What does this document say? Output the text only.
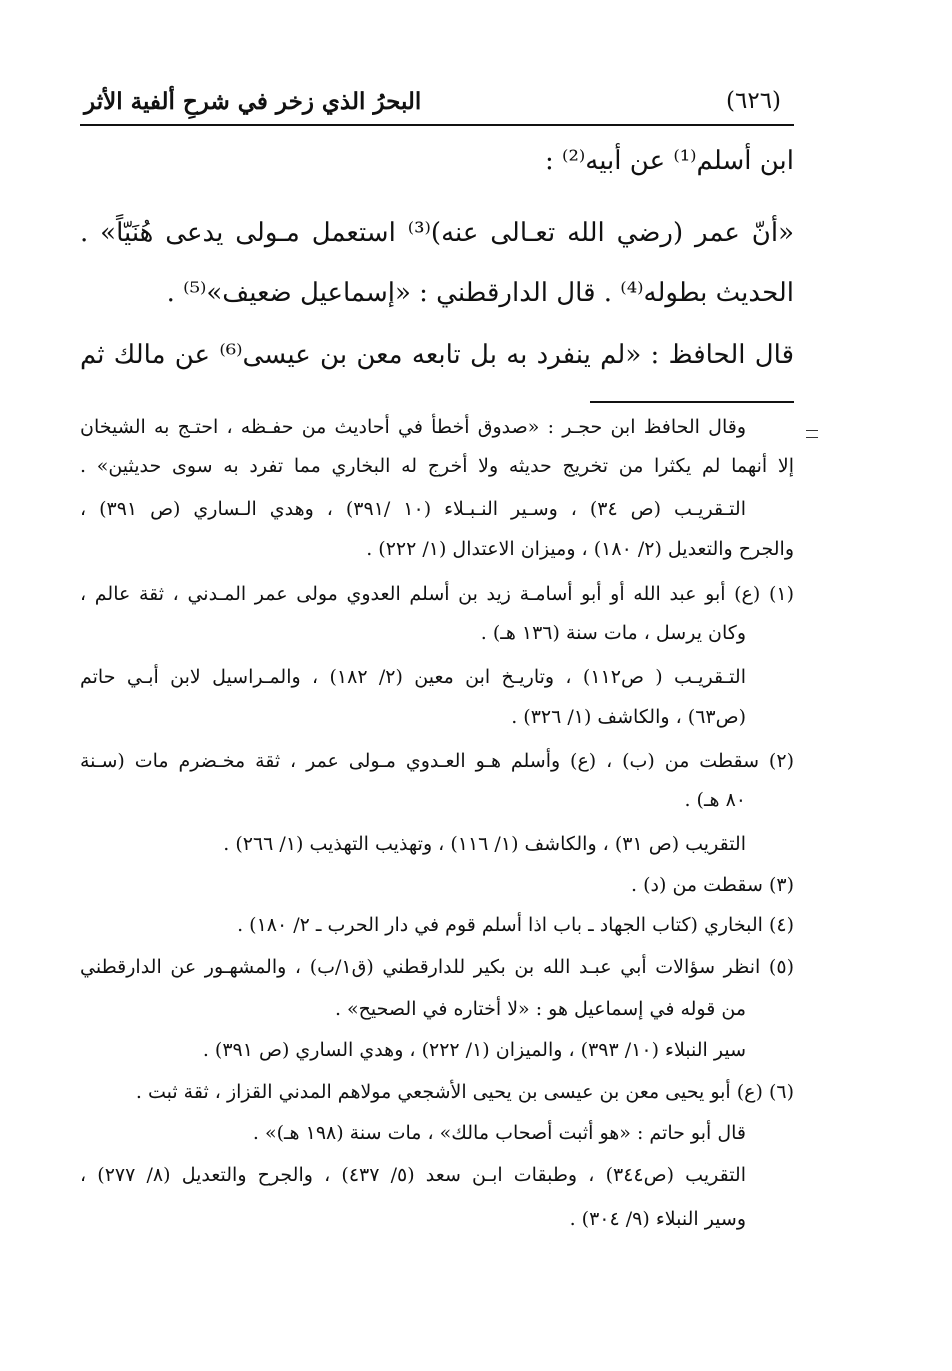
البحرُ الذي زخر في شرحِ ألفية الأثر	(٦٢٦)
ابن أسلم⁽¹⁾ عن أبيه⁽²⁾ :
«أنّ عمر (رضي الله تعـالى عنه)⁽³⁾ استعمل مـولى يدعى هُنَيّاً» .
الحديث بطوله⁽⁴⁾ . قال الدارقطني : «إسماعيل ضعيف»⁽⁵⁾ .
قال الحافظ : «لم ينفرد به بل تابعه معن بن عيسى⁽⁶⁾ عن مالك ثم
وقال الحافظ ابن حجـر : «صدوق أخطأ في أحاديث من حفـظه ، احتـج به الشيخان
إلا أنهما لم يكثرا من تخريج حديثه ولا أخرج له البخاري مما تفرد به سوى حديثين» .
التـقريـب (ص ٣٤) ، وسـير النـبـلاء (١٠ /٣٩١) ، وهدي الـساري (ص ٣٩١) ،
والجرح والتعديل (٢/ ١٨٠) ، وميزان الاعتدال (١/ ٢٢٢) .
(١) (ع) أبو عبد الله أو أبو أسامـة زيد بن أسلم العدوي مولى عمر المـدني ، ثقة عالم ،
وكان يرسل ، مات سنة (١٣٦ هـ) .
التـقريـب ( ص١١٢) ، وتاريـخ ابن معين (٢/ ١٨٢) ، والمـراسيل لابن أبـي حاتم
(ص٦٣) ، والكاشف (١/ ٣٢٦) .
(٢) سقطت من (ب) ، (ع) وأسلم هـو العـدوي مـولى عمر ، ثقة مخـضرم مات (سـنة
٨٠ هـ) .
التقريب (ص ٣١) ، والكاشف (١/ ١١٦) ، وتهذيب التهذيب (١/ ٢٦٦) .
(٣) سقطت من (د) .
(٤) البخاري (كتاب الجهاد ـ باب اذا أسلم قوم في دار الحرب ـ ٢/ ١٨٠) .
(٥) انظر سؤالات أبي عبـد الله بن بكير للدارقطني (ق١/ب) ، والمشهـور عن الدارقطني
من قوله في إسماعيل هو : «لا أختاره في الصحيح» .
سير النبلاء (١٠/ ٣٩٣) ، والميزان (١/ ٢٢٢) ، وهدي الساري (ص ٣٩١) .
(٦) (ع) أبو يحيى معن بن عيسى بن يحيى الأشجعي مولاهم المدني القزاز ، ثقة ثبت .
قال أبو حاتم : «هو أثبت أصحاب مالك» ، مات سنة (١٩٨ هـ)» .
التقريب (ص٣٤٤) ، وطبقات ابـن سعد (٥/ ٤٣٧) ، والجرح والتعديل (٨/ ٢٧٧) ،
وسير النبلاء (٩/ ٣٠٤) .
